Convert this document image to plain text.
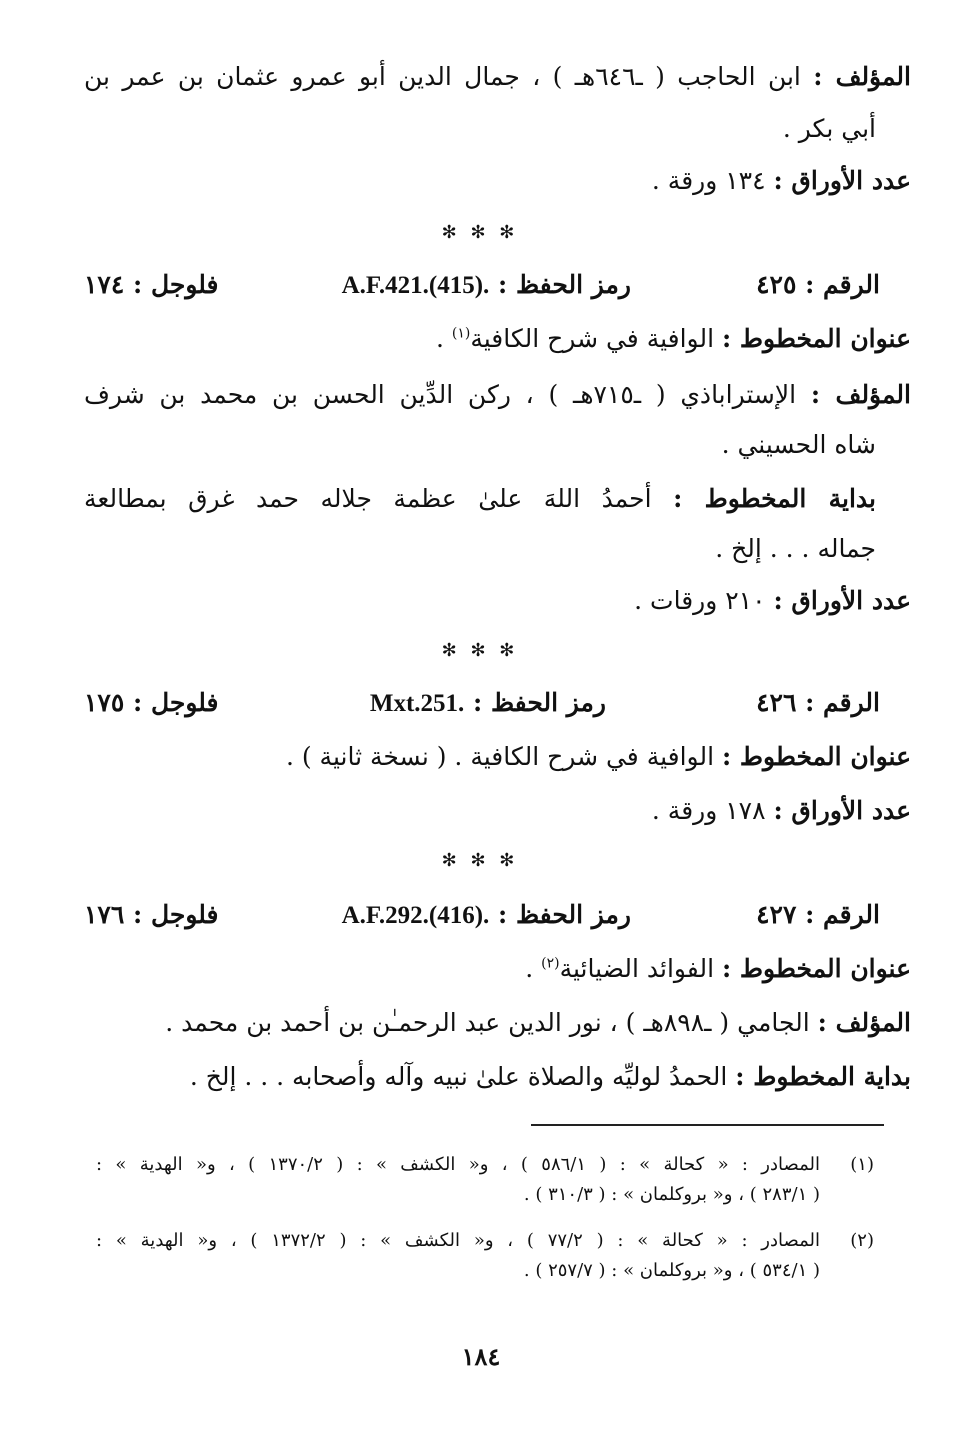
المؤلف : ابن الحاجب ( ـ٦٤٦هـ ) ، جمال الدين أبو عمرو عثمان بن عمر بن
أبي بكر .
عدد الأوراق : ١٣٤ ورقة .
✻ ✻ ✻
الرقم : ٤٢٥
رمز الحفظ : A.F.421.(415).
فلوجل : ١٧٤
عنوان المخطوط : الوافية في شرح الكافية$^{(١)}$ .
المؤلف : الإستراباذي ( ـ٧١٥هـ ) ، ركن الدِّين الحسن بن محمد بن شرف
شاه الحسيني .
بداية المخطوط : أحمدُ اللهَ علىٰ عظمة جلاله حمد غرق بمطالعة
جماله . . . إلخ .
عدد الأوراق : ٢١٠ ورقات .
✻ ✻ ✻
الرقم : ٤٢٦
رمز الحفظ : Mxt.251.
فلوجل : ١٧٥
عنوان المخطوط : الوافية في شرح الكافية . ( نسخة ثانية ) .
عدد الأوراق : ١٧٨ ورقة .
✻ ✻ ✻
الرقم : ٤٢٧
رمز الحفظ : A.F.292.(416).
فلوجل : ١٧٦
عنوان المخطوط : الفوائد الضيائية$^{(٢)}$ .
المؤلف : الجامي ( ـ٨٩٨هـ ) ، نور الدين عبد الرحمـٰن بن أحمد بن محمد .
بداية المخطوط : الحمدُ لوليِّه والصلاة علىٰ نبيه وآله وأصحابه . . . إلخ .
(١)
المصادر : « كحالة » : ( ٥٨٦/١ ) ، و« الكشف » : ( ١٣٧٠/٢ ) ، و« الهدية » :
( ٢٨٣/١ ) ، و« بروكلمان » : ( ٣١٠/٣ ) .
(٢)
المصادر : « كحالة » : ( ٧٧/٢ ) ، و« الكشف » : ( ١٣٧٢/٢ ) ، و« الهدية » :
( ٥٣٤/١ ) ، و« بروكلمان » : ( ٢٥٧/٧ ) .
١٨٤
